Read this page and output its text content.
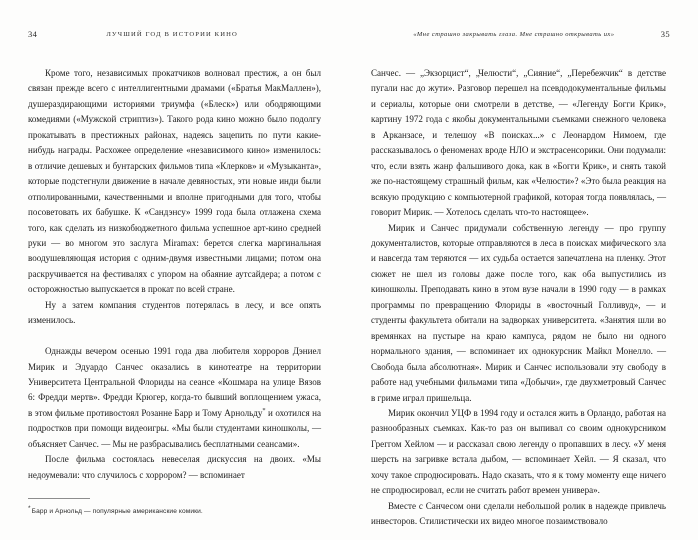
34	ЛУЧШИЙ ГОД В ИСТОРИИ КИНО

Кроме того, независимых прокатчиков волновал престиж, а он был связан прежде всего с интеллигентными драмами («Братья МакМаллен»), душераздирающими историями триумфа («Блеск») или ободряющими комедиями («Мужской стриптиз»). Такого рода кино можно было подолгу прокатывать в престижных районах, надеясь зацепить по пути какие-нибудь награды. Расхожее определение «независимого кино» изменилось: в отличие дешевых и бунтарских фильмов типа «Клерков» и «Музыканта», которые подстегнули движение в начале девяностых, эти новые инди были отполированными, качественными и вполне пригодными для того, чтобы посоветовать их бабушке. К «Сандэнсу» 1999 года была отлажена схема того, как сделать из низкобюджетного фильма успешное арт-кино средней руки — во многом это заслуга Miramax: берется слегка маргинальная воодушевляющая история с одним-двумя известными лицами; потом она раскручивается на фестивалях с упором на обаяние аутсайдера; а потом с осторожностью выпускается в прокат по всей стране.

Ну а затем компания студентов потерялась в лесу, и все опять изменилось.

Однажды вечером осенью 1991 года два любителя хорроров Дэниел Мирик и Эдуардо Санчес оказались в кинотеатре на территории Университета Центральной Флориды на сеансе «Кошмара на улице Вязов 6: Фредди мертв». Фредди Крюгер, когда-то бывший воплощением ужаса, в этом фильме противостоял Розанне Барр и Тому Арнольду* и охотился на подростков при помощи видеоигры. «Мы были студентами киношколы, — объясняет Санчес. — Мы не разбрасывались бесплатными сеансами».

После фильма состоялась невеселая дискуссия на двоих. «Мы недоумевали: что случилось с хоррором? — вспоминает

*Барр и Арнольд — популярные американские комики.
«Мне страшно закрывать глаза. Мне страшно открывать их»	35

Санчес. — „Экзорцист“, „Челюсти“, „Сияние“, „Перебежчик“ в детстве пугали нас до жути». Разговор перешел на псевдодокументальные фильмы и сериалы, которые они смотрели в детстве, — «Легенду Богги Крик», картину 1972 года с якобы документальными съемками снежного человека в Арканзасе, и телешоу «В поисках...» с Леонардом Нимоем, где рассказывалось о феноменах вроде НЛО и экстрасенсорики. Они подумали: что, если взять жанр фальшивого дока, как в «Богги Крик», и снять такой же по-настоящему страшный фильм, как «Челюсти»? «Это была реакция на всякую продукцию с компьютерной графикой, которая тогда появлялась, — говорит Мирик. — Хотелось сделать что-то настоящее».

Мирик и Санчес придумали собственную легенду — про группу документалистов, которые отправляются в леса в поисках мифического зла и навсегда там теряются — их судьба остается запечатлена на пленку. Этот сюжет не шел из головы даже после того, как оба выпустились из киношколы. Преподавать кино в этом вузе начали в 1990 году — в рамках программы по превращению Флориды в «восточный Голливуд», — и студенты факультета обитали на задворках университета. «Занятия шли во времянках на пустыре на краю кампуса, рядом не было ни одного нормального здания, — вспоминает их однокурсник Майкл Монелло. — Свобода была абсолютная». Мирик и Санчес использовали эту свободу в работе над учебными фильмами типа «Добычи», где двухметровый Санчес в гриме играл пришельца.

Мирик окончил УЦФ в 1994 году и остался жить в Орландо, работая на разнообразных съемках. Как-то раз он выпивал со своим однокурсником Греггом Хейлом — и рассказал свою легенду о пропавших в лесу. «У меня шерсть на загривке встала дыбом, — вспоминает Хейл. — Я сказал, что хочу такое спродюсировать. Надо сказать, что я к тому моменту еще ничего не спродюсировал, если не считать работ времен универа».

Вместе с Санчесом они сделали небольшой ролик в надежде привлечь инвесторов. Стилистически их видео многое позаимствовало
